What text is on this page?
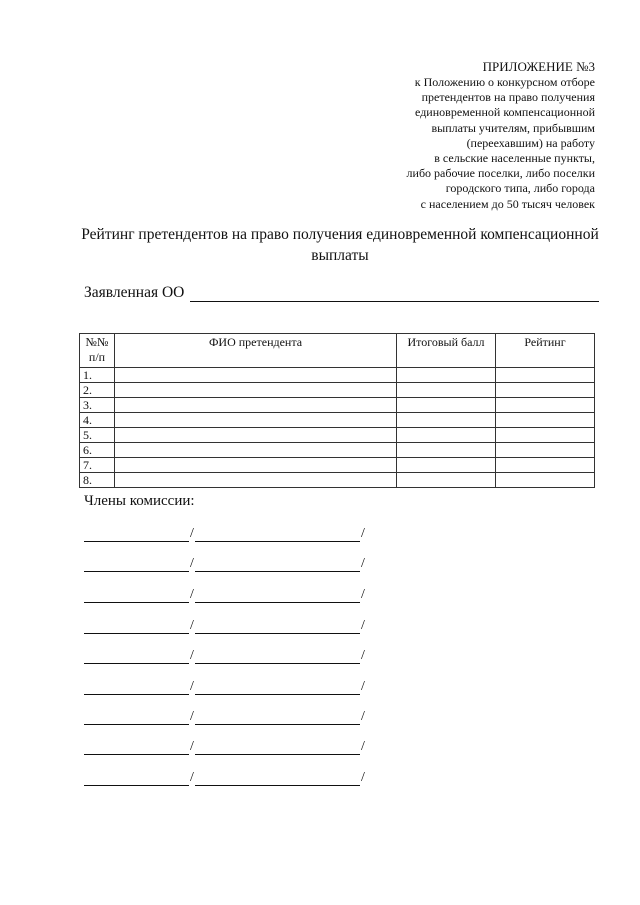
ПРИЛОЖЕНИЕ №3
к Положению о конкурсном отборе
претендентов на право получения
единовременной компенсационной
выплаты учителям, прибывшим
(переехавшим) на работу
в сельские населенные пункты,
либо рабочие поселки, либо поселки
городского типа, либо города
с населением до 50 тысяч человек
Рейтинг претендентов на право получения единовременной компенсационной выплаты
Заявленная ОО
№№ п/п	ФИО претендента	Итоговый балл	Рейтинг
1.			
2.			
3.			
4.			
5.			
6.			
7.			
8.			
Члены комиссии:
/	/
/	/
/	/
/	/
/	/
/	/
/	/
/	/
/	/
